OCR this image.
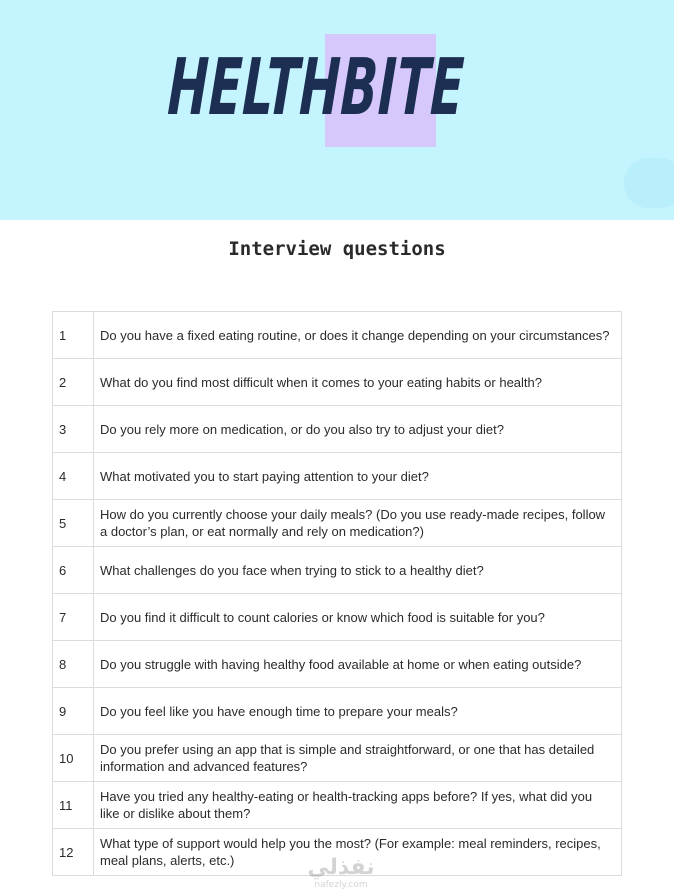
HELTHBITE
Interview questions
1	Do you have a fixed eating routine, or does it change depending on your circumstances?
2	What do you find most difficult when it comes to your eating habits or health?
3	Do you rely more on medication, or do you also try to adjust your diet?
4	What motivated you to start paying attention to your diet?
5	How do you currently choose your daily meals? (Do you use ready-made recipes, follow a doctor’s plan, or eat normally and rely on medication?)
6	What challenges do you face when trying to stick to a healthy diet?
7	Do you find it difficult to count calories or know which food is suitable for you?
8	Do you struggle with having healthy food available at home or when eating outside?
9	Do you feel like you have enough time to prepare your meals?
10	Do you prefer using an app that is simple and straightforward, or one that has detailed information and advanced features?
11	Have you tried any healthy-eating or health-tracking apps before? If yes, what did you like or dislike about them?
12	What type of support would help you the most? (For example: meal reminders, recipes, meal plans, alerts, etc.)	نفذلي
nafezly.com
